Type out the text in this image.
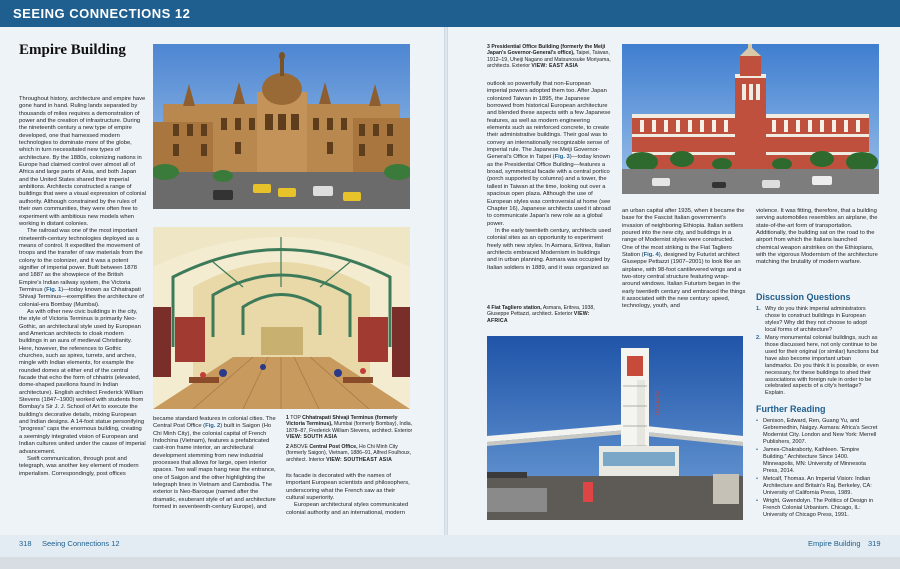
SEEING CONNECTIONS 12
Empire Building
TAGLIERO

Throughout history, architecture and empire have gone hand in hand. Ruling lands separated by thousands of miles requires a demonstration of power and the creation of infrastructure. During the nineteenth century a new type of empire developed, one that harnessed modern technologies to dominate more of the globe, which in turn necessitated new types of architecture. By the 1880s, colonizing nations in Europe had claimed control over almost all of Africa and large parts of Asia, and both Japan and the United States shared their imperial ambitions. Architects constructed a range of buildings that were a visual expression of colonial authority. Although constrained by the rules of their own communities, they were often free to experiment with ambitious new models when working in distant colonies.

The railroad was one of the most important nineteenth-century technologies deployed as a means of control. It expedited the movement of troops and the transfer of raw materials from the colony to the colonizer, and it was a potent signifier of imperial power. Built between 1878 and 1887 as the showpiece of the British Empire's Indian railway system, the Victoria Terminus (Fig. 1)—today known as Chhatrapati Shivaji Terminus—exemplifies the architecture of colonial-era Bombay (Mumbai).

As with other new civic buildings in the city, the style of Victoria Terminus is primarily Neo-Gothic, an architectural style used by European and American architects to cloak modern buildings in an aura of medieval Christianity. Here, however, the references to Gothic churches, such as spires, turrets, and arches, mingle with Indian elements, for example the rounded domes at either end of the central facade that echo the form of chhatris (elevated, dome-shaped pavilions found in Indian architecture). English architect Frederick William Stevens (1847–1900) worked with students from Bombay's Sir J. J. School of Art to execute the building's decorative details, mixing European and Indian designs. A 14-foot statue personifying “progress” caps the enormous building, creating a seemingly integrated vision of European and Indian cultures united under the cause of imperial advancement.

Swift communication, through post and telegraph, was another key element of modern imperialism. Correspondingly, post offices

became standard features in colonial cities. The Central Post Office (Fig. 2) built in Saigon (Ho Chi Minh City), the colonial capital of French Indochina (Vietnam), features a prefabricated cast-iron frame interior, an architectural development stemming from new industrial processes that allows for large, open interior spaces. Two wall maps hang near the entrance, one of Saigon and the other highlighting the telegraph lines in Vietnam and Cambodia. The exterior is Neo-Baroque (named after the dramatic, exuberant style of art and architecture formed in seventeenth-century Europe), and

1 TOP Chhatrapati Shivaji Terminus (formerly Victoria Terminus), Mumbai (formerly Bombay), India, 1878–87, Frederick William Stevens, architect. Exterior VIEW: SOUTH ASIA
2 ABOVE Central Post Office, Ho Chi Minh City (formerly Saigon), Vietnam, 1886–91, Alfred Foulhoux, architect. Interior VIEW: SOUTHEAST ASIA

its facade is decorated with the names of important European scientists and philosophers, underscoring what the French saw as their cultural superiority.

European architectural styles communicated colonial authority and an international, modern

3 Presidential Office Building (formerly the Meiji Japan's Governor-General's office), Taipei, Taiwan, 1912–19, Uheiji Nagano and Matsunosuke Moriyama, architects. Exterior VIEW: EAST ASIA

outlook so powerfully that non-European imperial powers adopted them too. After Japan colonized Taiwan in 1895, the Japanese borrowed from historical European architecture and blended these aspects with a few Japanese features, as well as modern engineering elements such as reinforced concrete, to create their administrative buildings. Their goal was to convey an internationally recognizable sense of imperial rule. The Japanese Meiji Governor-General's Office in Taipei (Fig. 3)—today known as the Presidential Office Building—features a broad, symmetrical facade with a central portico (porch supported by columns) and a tower, the tallest in Taiwan at the time, looking out over a spacious open plaza. Although the use of European styles was controversial at home (see Chapter 16), Japanese architects used it abroad to communicate Japan's new role as a global power.

In the early twentieth century, architects used colonial sites as an opportunity to experiment freely with new styles. In Asmara, Eritrea, Italian architects embraced Modernism in buildings and in urban planning. Asmara was occupied by Italian soldiers in 1889, and it was organized as

4 Fiat Tagliero station, Asmara, Eritrea, 1938, Giuseppe Pettazzi, architect. Exterior VIEW: AFRICA

an urban capital after 1935, when it became the base for the Fascist Italian government's invasion of neighboring Ethiopia. Italian settlers poured into the new city, and buildings in a range of Modernist styles were constructed. One of the most striking is the Fiat Tagliero Station (Fig. 4), designed by Futurist architect Giuseppe Pettazzi (1907–2001) to look like an airplane, with 98-foot cantilevered wings and a two-story central structure featuring wrap-around windows. Italian Futurism began in the early twentieth century and embraced the things it associated with the new century: speed, technology, youth, and

violence. It was fitting, therefore, that a building serving automobiles resembles an airplane, the state-of-the-art form of transportation. Additionally, the building sat on the road to the airport from which the Italians launched chemical weapon airstrikes on the Ethiopians, with the vigorous Modernism of the architecture matching the brutality of modern warfare.

Discussion Questions
1. Why do you think imperial administrators chose to construct buildings in European styles? Why did they not choose to adopt local forms of architecture?
2. Many monumental colonial buildings, such as those discussed here, not only continue to be used for their original (or similar) functions but have also become important urban landmarks. Do you think it is possible, or even necessary, for these buildings to shed their associations with foreign rule in order to be celebrated aspects of a city's heritage? Explain.
Further Reading
• Denison, Edward, Ren, Guang Yu, and Gebremedhin, Naigzy. Asmara: Africa's Secret Modernist City. London and New York: Merrell Publishers, 2007.
• James-Chakraborty, Kathleen. “Empire Building.” Architecture Since 1400. Minneapolis, MN: University of Minnesota Press, 2014.
• Metcalf, Thomas. An Imperial Vision: Indian Architecture and Britain's Raj. Berkeley, CA: University of California Press, 1989.
• Wright, Gwendolyn. The Politics of Design in French Colonial Urbanism. Chicago, IL: University of Chicago Press, 1991.
318 Seeing Connections 12	Empire Building 319
